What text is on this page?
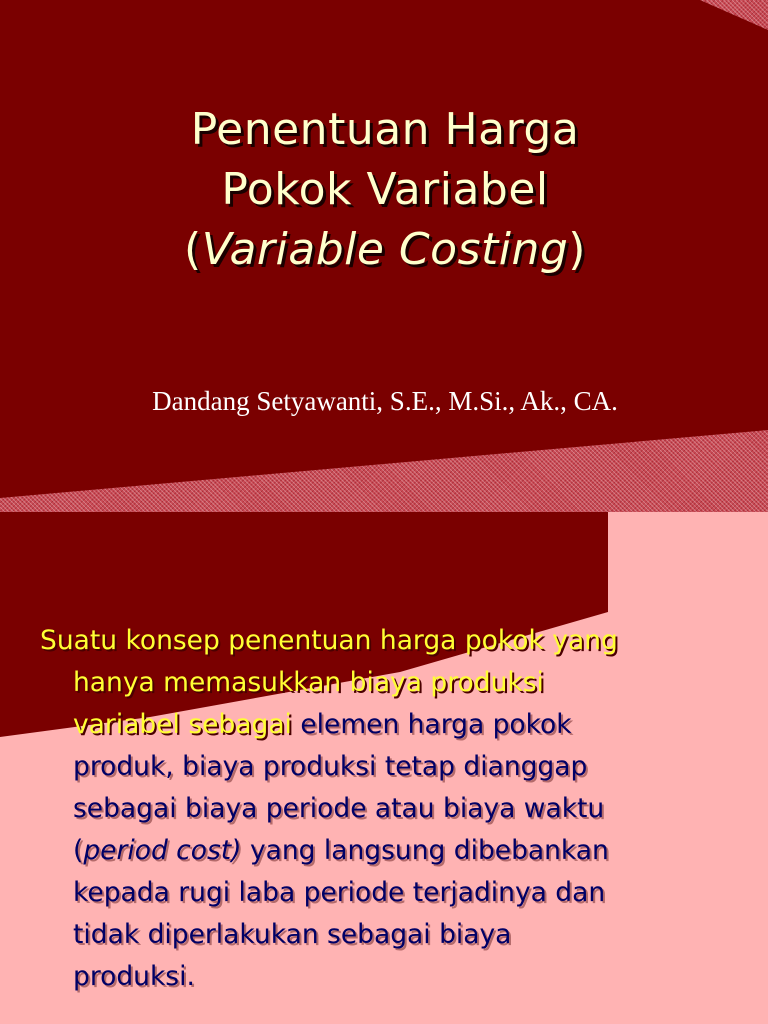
Penentuan Harga
Pokok Variabel
(Variable Costing)
Dandang Setyawanti, S.E., M.Si., Ak., CA.

Suatu konsep penentuan harga pokok yang
hanya memasukkan biaya produksi
variabel sebagai elemen harga pokok
produk, biaya produksi tetap dianggap
sebagai biaya periode atau biaya waktu
(period cost) yang langsung dibebankan
kepada rugi laba periode terjadinya dan
tidak diperlakukan sebagai biaya
produksi.
